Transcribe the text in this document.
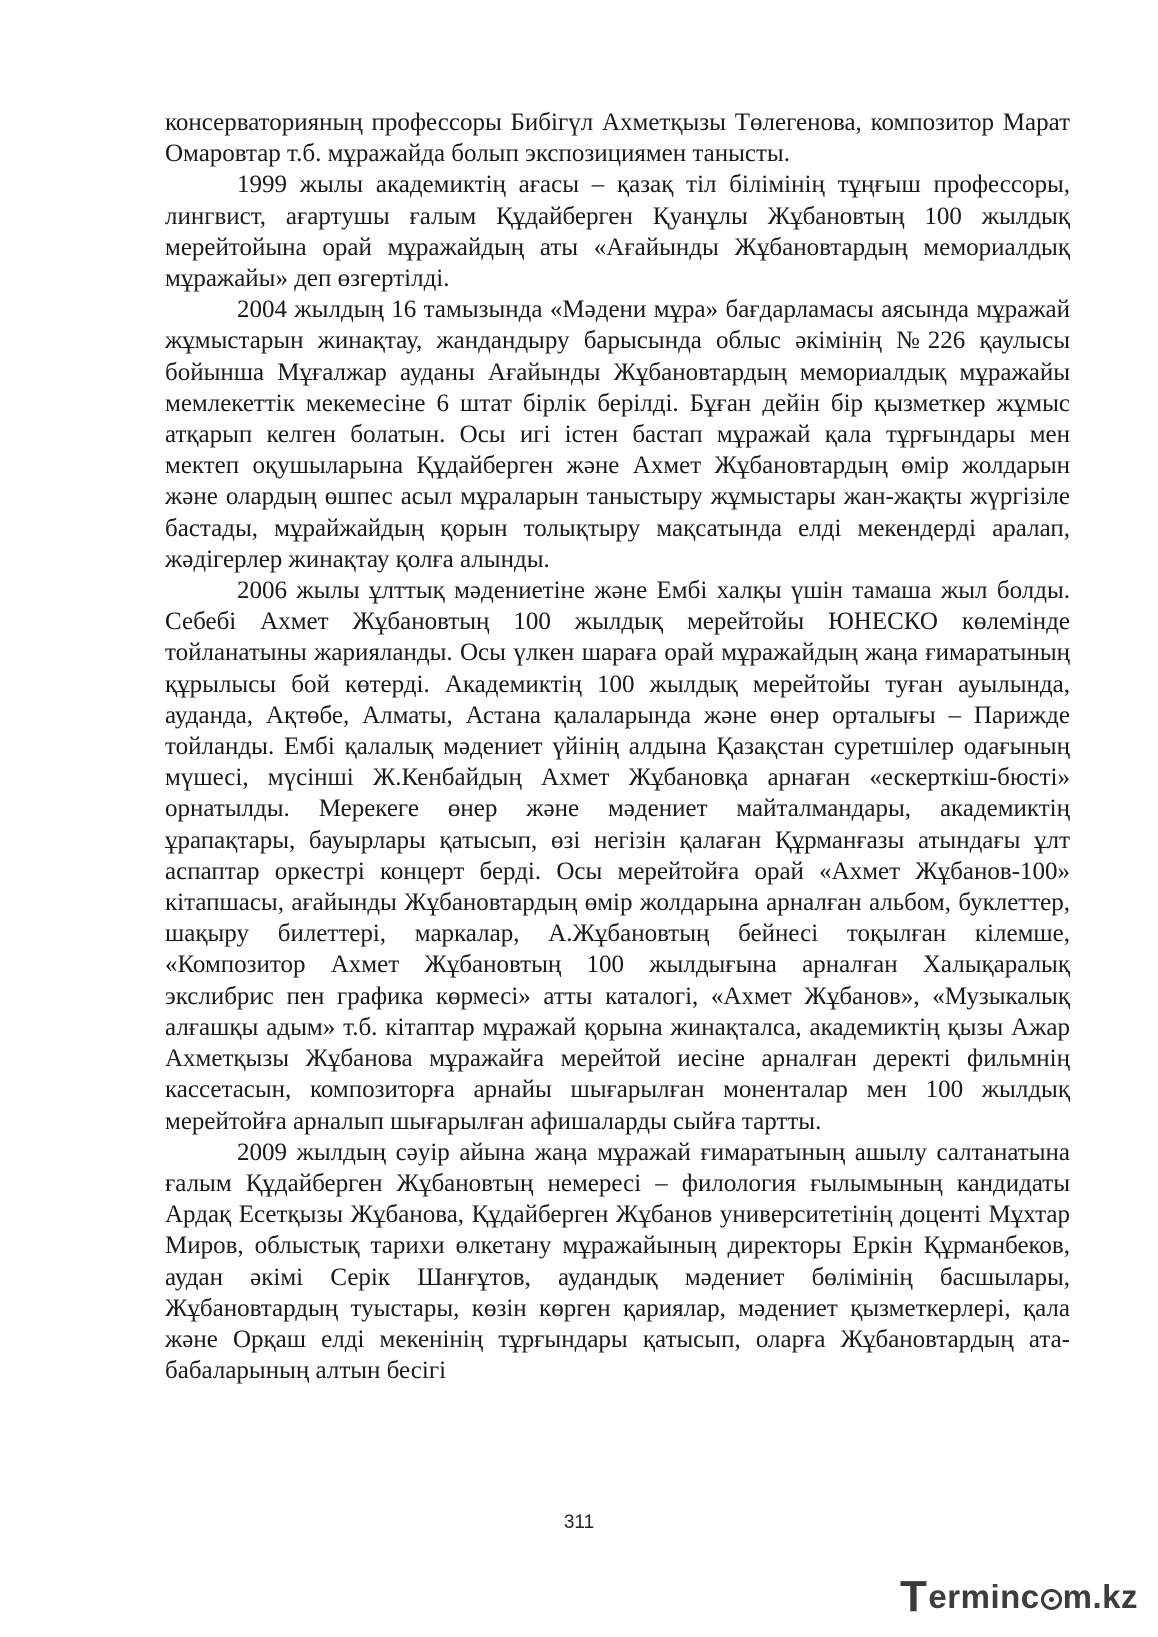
консерваторияның профессоры Бибігүл Ахметқызы Төлегенова, композитор Марат Омаровтар т.б. мұражайда болып экспозициямен танысты.

1999 жылы академиктің ағасы – қазақ тіл білімінің тұңғыш профессоры, лингвист, ағартушы ғалым Құдайберген Қуанұлы Жұбановтың 100 жылдық мерейтойына орай мұражайдың аты «Ағайынды Жұбановтардың мемориалдық мұражайы» деп өзгертілді.

2004 жылдың 16 тамызында «Мәдени мұра» бағдарламасы аясында мұражай жұмыстарын жинақтау, жандандыру барысында облыс әкімінің №226 қаулысы бойынша Мұғалжар ауданы Ағайынды Жұбановтардың мемориалдық мұражайы мемлекеттік мекемесіне 6 штат бірлік берілді. Бұған дейін бір қызметкер жұмыс атқарып келген болатын. Осы игі істен бастап мұражай қала тұрғындары мен мектеп оқушыларына Құдайберген және Ахмет Жұбановтардың өмір жолдарын және олардың өшпес асыл мұраларын таныстыру жұмыстары жан-жақты жүргізіле бастады, мұрайжайдың қорын толықтыру мақсатында елді мекендерді аралап, жәдігерлер жинақтау қолға алынды.

2006 жылы ұлттық мәдениетіне және Ембі халқы үшін тамаша жыл болды. Себебі Ахмет Жұбановтың 100 жылдық мерейтойы ЮНЕСКО көлемінде тойланатыны жарияланды. Осы үлкен шараға орай мұражайдың жаңа ғимаратының құрылысы бой көтерді. Академиктің 100 жылдық мерейтойы туған ауылында, ауданда, Ақтөбе, Алматы, Астана қалаларында және өнер орталығы – Парижде тойланды. Ембі қалалық мәдениет үйінің алдына Қазақстан суретшілер одағының мүшесі, мүсінші Ж.Кенбайдың Ахмет Жұбановқа арнаған «ескерткіш-бюсті» орнатылды. Мерекеге өнер және мәдениет майталмандары, академиктің ұрапақтары, бауырлары қатысып, өзі негізін қалаған Құрманғазы атындағы ұлт аспаптар оркестрі концерт берді. Осы мерейтойға орай «Ахмет Жұбанов-100» кітапшасы, ағайынды Жұбановтардың өмір жолдарына арналған альбом, буклеттер, шақыру билеттері, маркалар, А.Жұбановтың бейнесі тоқылған кілемше, «Композитор Ахмет Жұбановтың 100 жылдығына арналған Халықаралық экслибрис пен графика көрмесі» атты каталогі, «Ахмет Жұбанов», «Музыкалық алғашқы адым» т.б. кітаптар мұражай қорына жинақталса, академиктің қызы Ажар Ахметқызы Жұбанова мұражайға мерейтой иесіне арналған деректі фильмнің кассетасын, композиторға арнайы шығарылған моненталар мен 100 жылдық мерейтойға арналып шығарылған афишаларды сыйға тартты.

2009 жылдың сәуір айына жаңа мұражай ғимаратының ашылу салтанатына ғалым Құдайберген Жұбановтың немересі – филология ғылымының кандидаты Ардақ Есетқызы Жұбанова, Құдайберген Жұбанов университетінің доценті Мұхтар Миров, облыстық тарихи өлкетану мұражайының директоры Еркін Құрманбеков, аудан әкімі Серік Шанғұтов, аудандық мәдениет бөлімінің басшылары, Жұбановтардың туыстары, көзін көрген қариялар, мәдениет қызметкерлері, қала және Орқаш елді мекенінің тұрғындары қатысып, оларға Жұбановтардың ата-бабаларының алтын бесігі

311
T erminc m.kz
